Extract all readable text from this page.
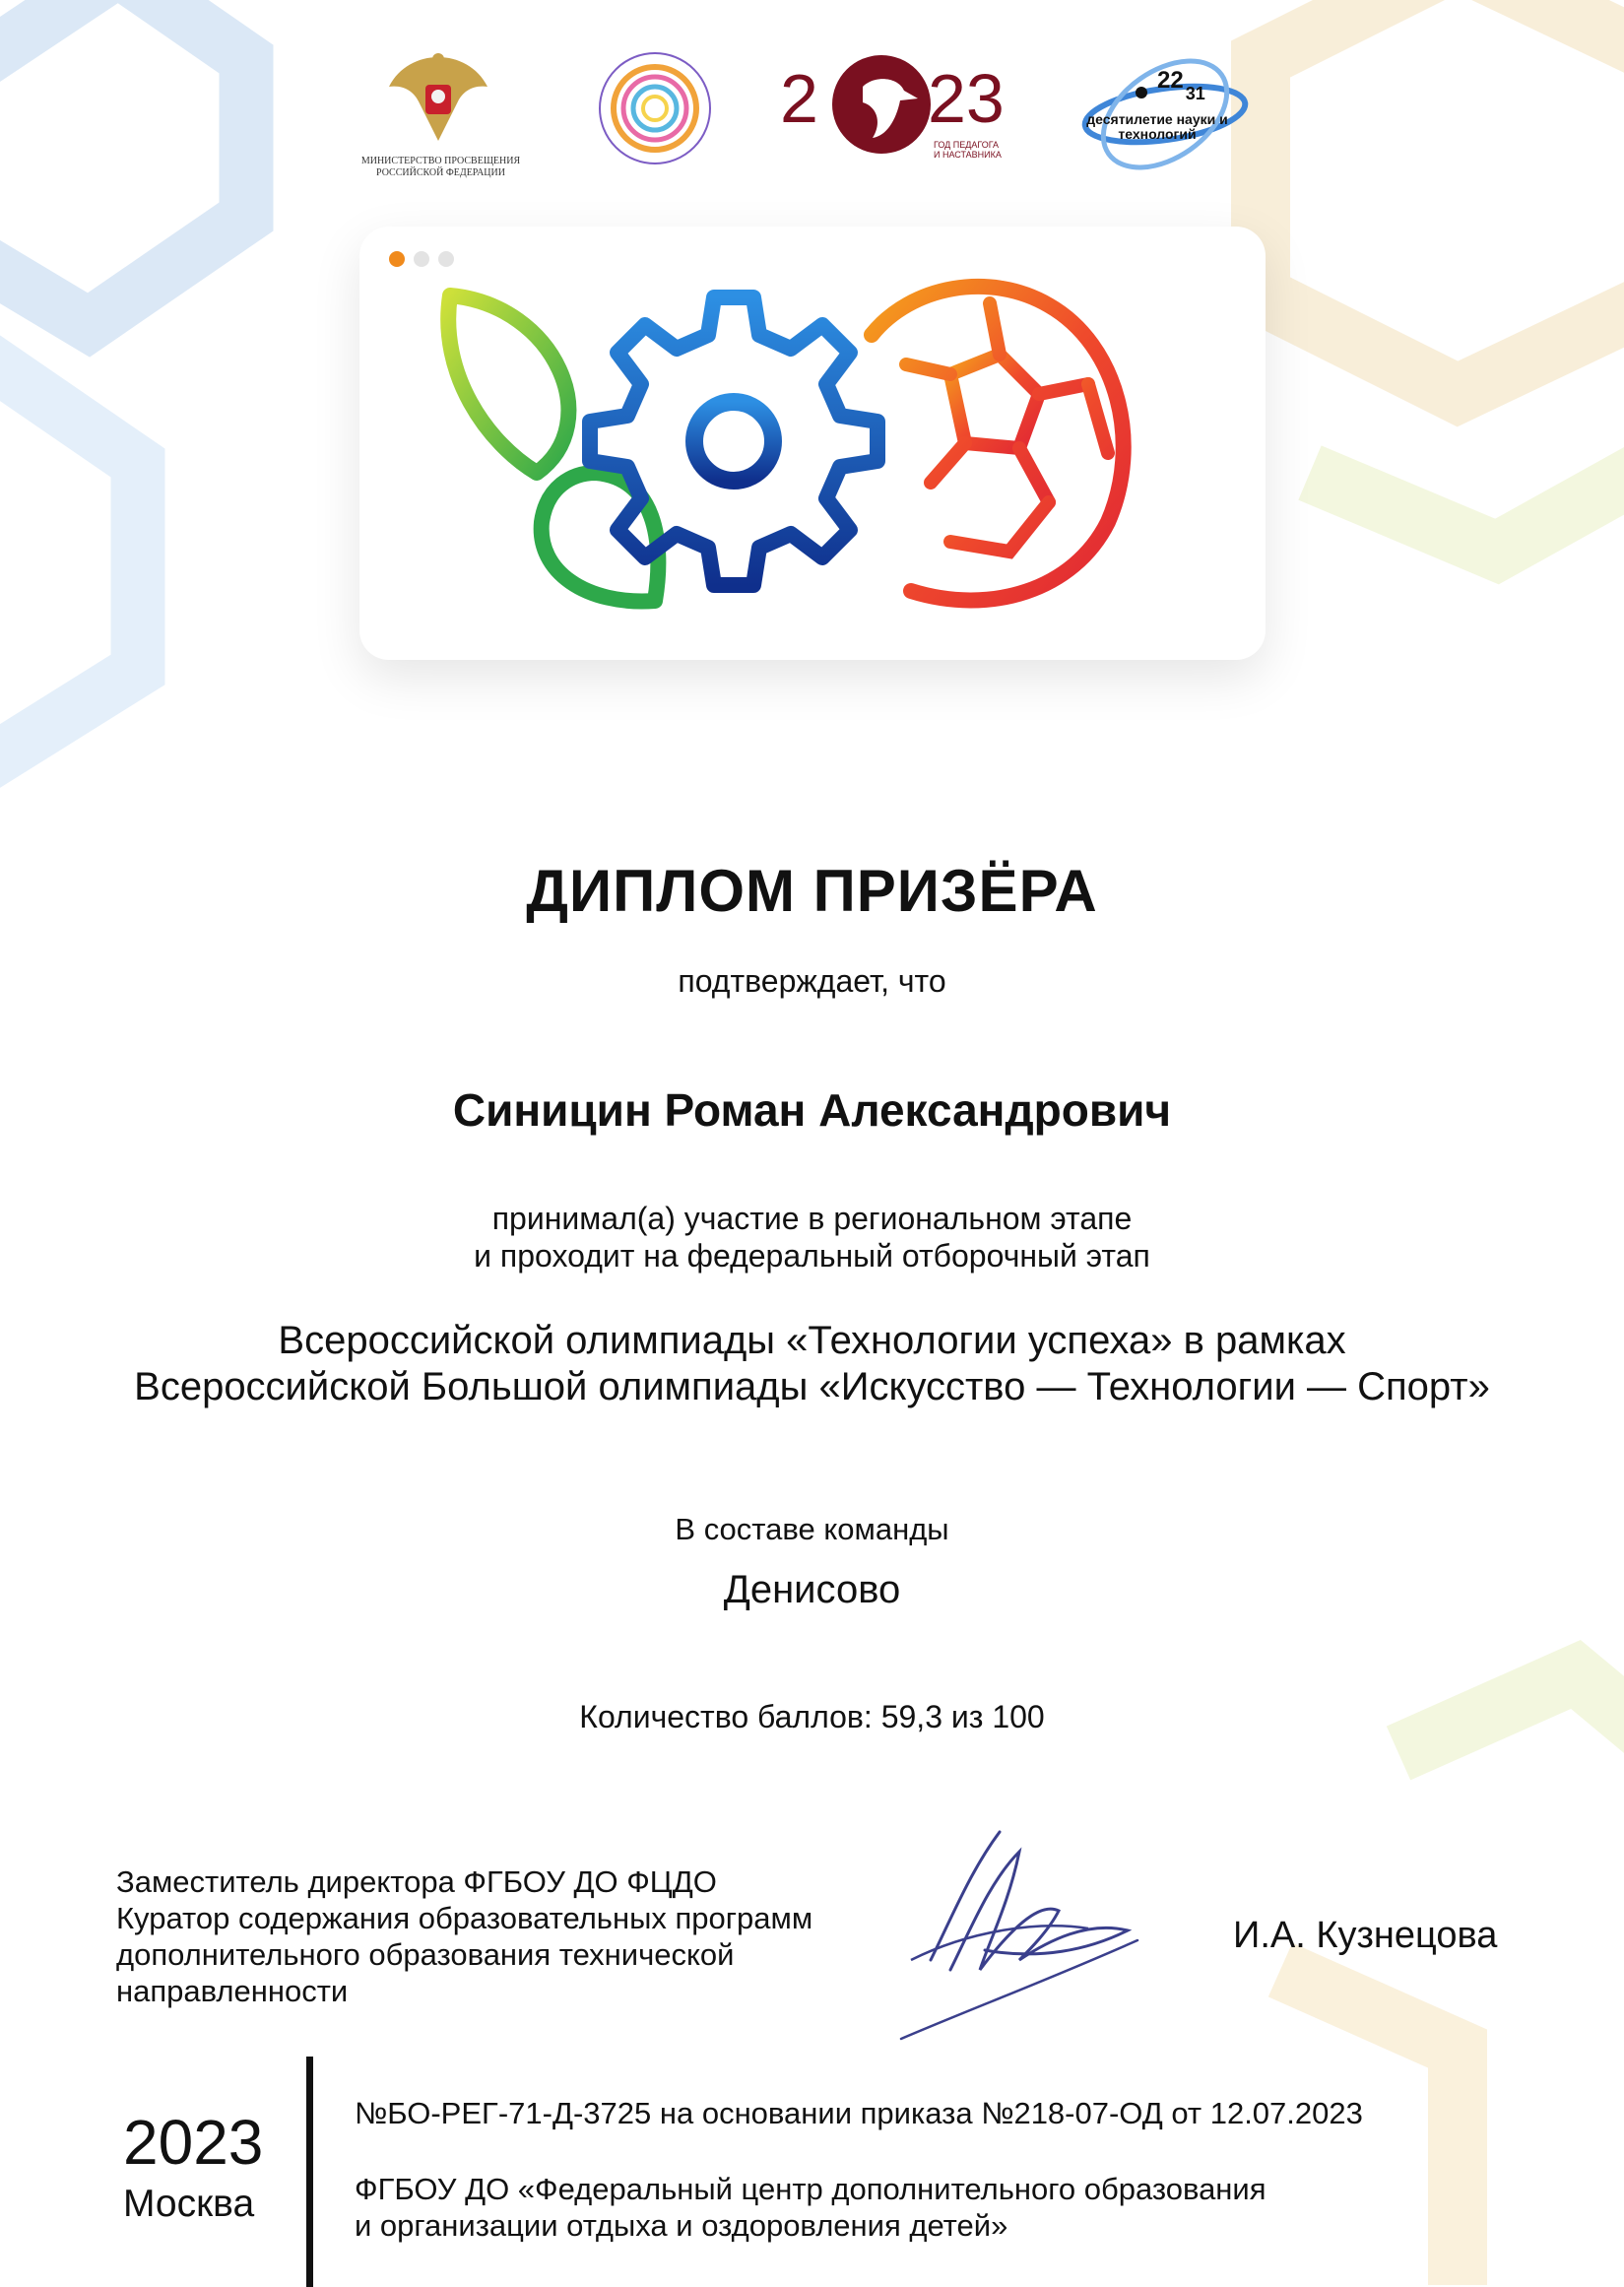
МИНИСТЕРСТВО ПРОСВЕЩЕНИЯ РОССИЙСКОЙ ФЕДЕРАЦИИ
2 23
ГОД ПЕДАГОГА И НАСТАВНИКА
22 31
десятилетие науки и технологий
ДИПЛОМ ПРИЗЁРА
подтверждает, что
Синицин Роман Александрович
принимал(а) участие в региональном этапе
и проходит на федеральный отборочный этап
Всероссийской олимпиады «Технологии успеха» в рамках
Всероссийской Большой олимпиады «Искусство — Технологии — Спорт»
В составе команды
Денисово
Количество баллов: 59,3 из 100
Заместитель директора ФГБОУ ДО ФЦДО
Куратор содержания образовательных программ
дополнительного образования технической
направленности
И.А. Кузнецова
2023
Москва
№БО-РЕГ-71-Д-3725 на основании приказа №218-07-ОД от 12.07.2023
ФГБОУ ДО «Федеральный центр дополнительного образования
и организации отдыха и оздоровления детей»
